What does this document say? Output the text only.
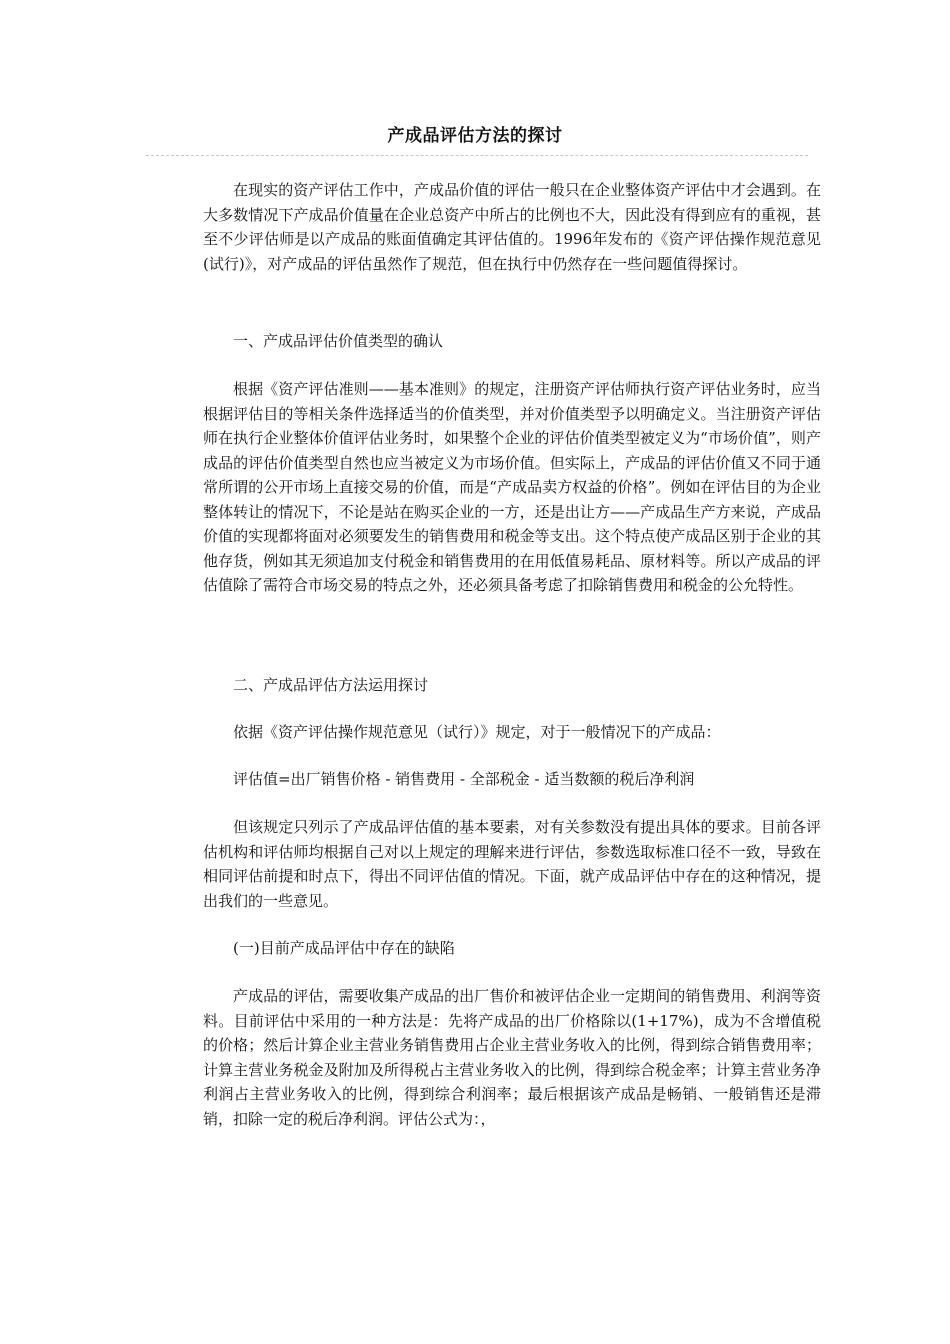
产成品评估方法的探讨

在现实的资产评估工作中，产成品价值的评估一般只在企业整体资产评估中才会遇到。在大多数情况下产成品价值量在企业总资产中所占的比例也不大，因此没有得到应有的重视，甚至不少评估师是以产成品的账面值确定其评估值的。1996年发布的《资产评估操作规范意见(试行)》，对产成品的评估虽然作了规范，但在执行中仍然存在一些问题值得探讨。

一、产成品评估价值类型的确认

根据《资产评估准则——基本准则》的规定，注册资产评估师执行资产评估业务时，应当根据评估目的等相关条件选择适当的价值类型，并对价值类型予以明确定义。当注册资产评估师在执行企业整体价值评估业务时，如果整个企业的评估价值类型被定义为“市场价值”，则产成品的评估价值类型自然也应当被定义为市场价值。但实际上，产成品的评估价值又不同于通常所谓的公开市场上直接交易的价值，而是“产成品卖方权益的价格”。例如在评估目的为企业整体转让的情况下，不论是站在购买企业的一方，还是出让方——产成品生产方来说，产成品价值的实现都将面对必须要发生的销售费用和税金等支出。这个特点使产成品区别于企业的其他存货，例如其无须追加支付税金和销售费用的在用低值易耗品、原材料等。所以产成品的评估值除了需符合市场交易的特点之外，还必须具备考虑了扣除销售费用和税金的公允特性。

二、产成品评估方法运用探讨

依据《资产评估操作规范意见（试行）》规定，对于一般情况下的产成品：

评估值=出厂销售价格 - 销售费用 - 全部税金 - 适当数额的税后净利润

但该规定只列示了产成品评估值的基本要素，对有关参数没有提出具体的要求。目前各评估机构和评估师均根据自己对以上规定的理解来进行评估，参数选取标准口径不一致，导致在相同评估前提和时点下，得出不同评估值的情况。下面，就产成品评估中存在的这种情况，提出我们的一些意见。

(一)目前产成品评估中存在的缺陷

产成品的评估，需要收集产成品的出厂售价和被评估企业一定期间的销售费用、利润等资料。目前评估中采用的一种方法是：先将产成品的出厂价格除以(1+17%)，成为不含增值税的价格；然后计算企业主营业务销售费用占企业主营业务收入的比例，得到综合销售费用率；计算主营业务税金及附加及所得税占主营业务收入的比例，得到综合税金率；计算主营业务净利润占主营业务收入的比例，得到综合利润率；最后根据该产成品是畅销、一般销售还是滞销，扣除一定的税后净利润。评估公式为：，
